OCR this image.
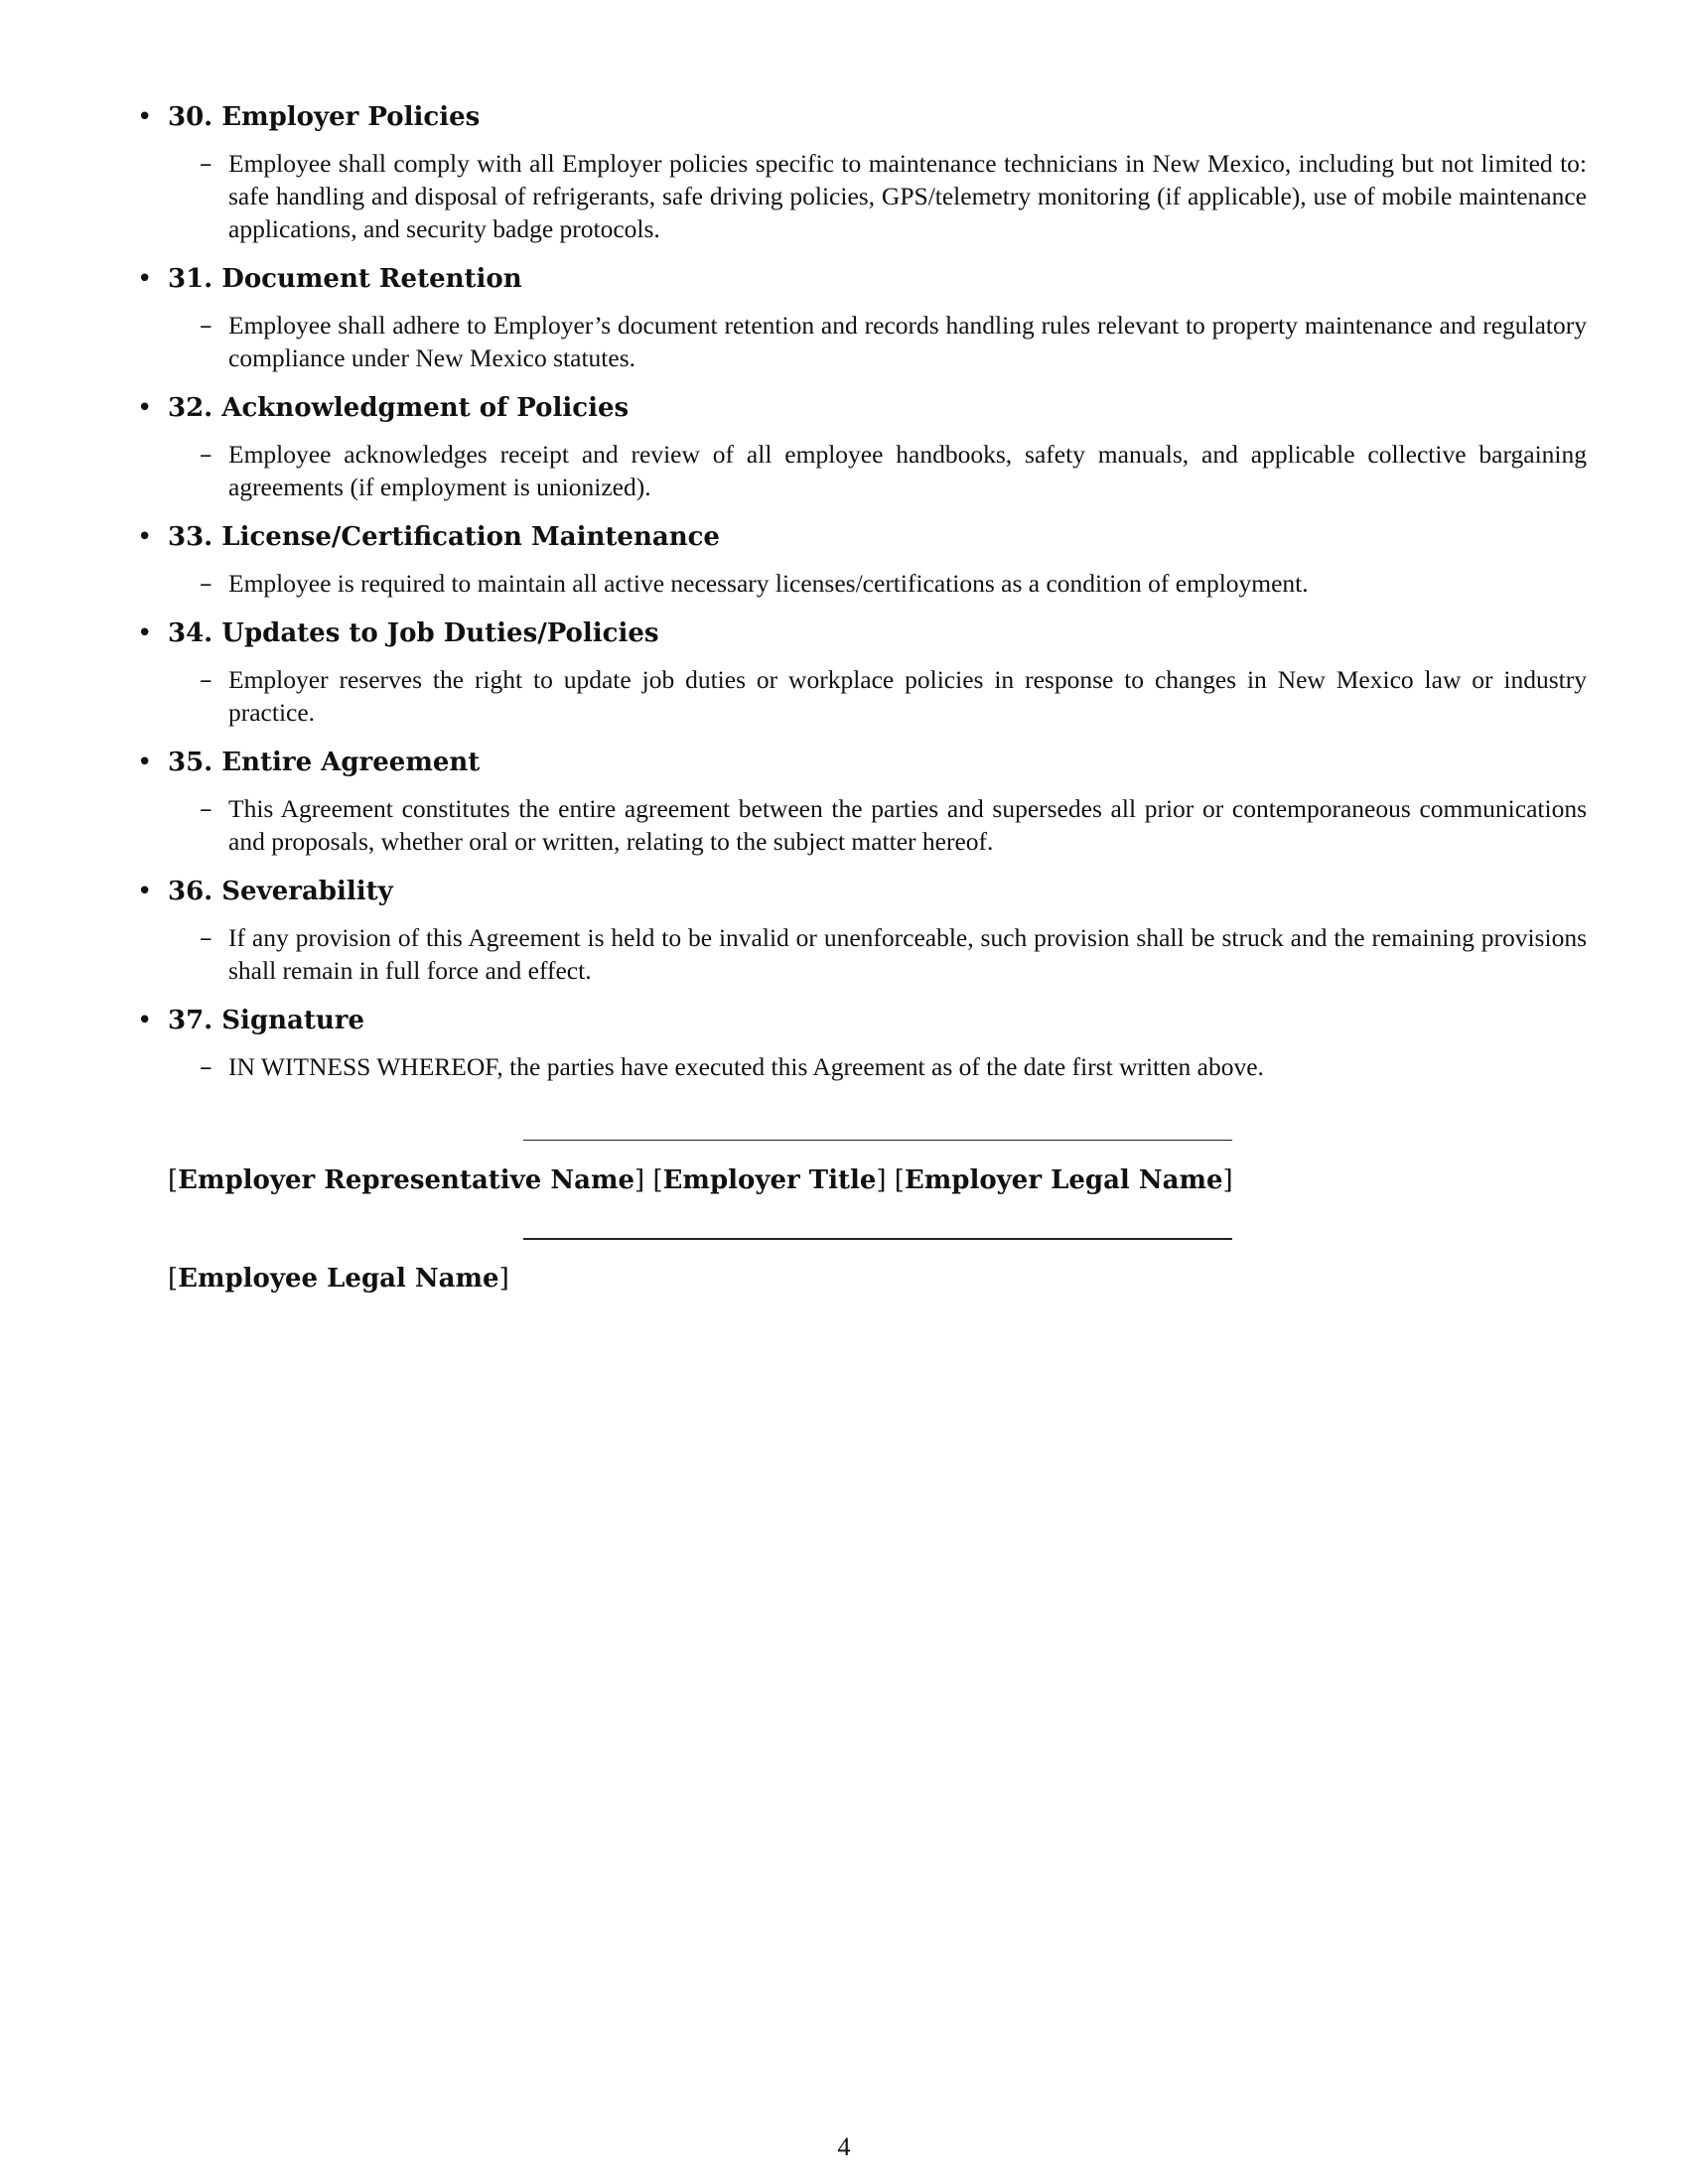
• 30. Employer Policies
– Employee shall comply with all Employer policies specific to maintenance technicians in New Mexico, including but not limited to: safe handling and disposal of refrigerants, safe driving policies, GPS/telemetry monitoring (if applicable), use of mobile maintenance applications, and security badge protocols.
• 31. Document Retention
– Employee shall adhere to Employer’s document retention and records handling rules relevant to property maintenance and regulatory compliance under New Mexico statutes.
• 32. Acknowledgment of Policies
– Employee acknowledges receipt and review of all employee handbooks, safety manuals, and applicable collective bargaining agreements (if employment is unionized).
• 33. License/Certification Maintenance
– Employee is required to maintain all active necessary licenses/certifications as a condition of employment.
• 34. Updates to Job Duties/Policies
– Employer reserves the right to update job duties or workplace policies in response to changes in New Mexico law or industry practice.
• 35. Entire Agreement
– This Agreement constitutes the entire agreement between the parties and supersedes all prior or contemporaneous communications and proposals, whether oral or written, relating to the subject matter hereof.
• 36. Severability
– If any provision of this Agreement is held to be invalid or unenforceable, such provision shall be struck and the remaining provisions shall remain in full force and effect.
• 37. Signature
– IN WITNESS WHEREOF, the parties have executed this Agreement as of the date first written above.
[Employer Representative Name] [Employer Title] [Employer Legal Name]
[Employee Legal Name]
4
